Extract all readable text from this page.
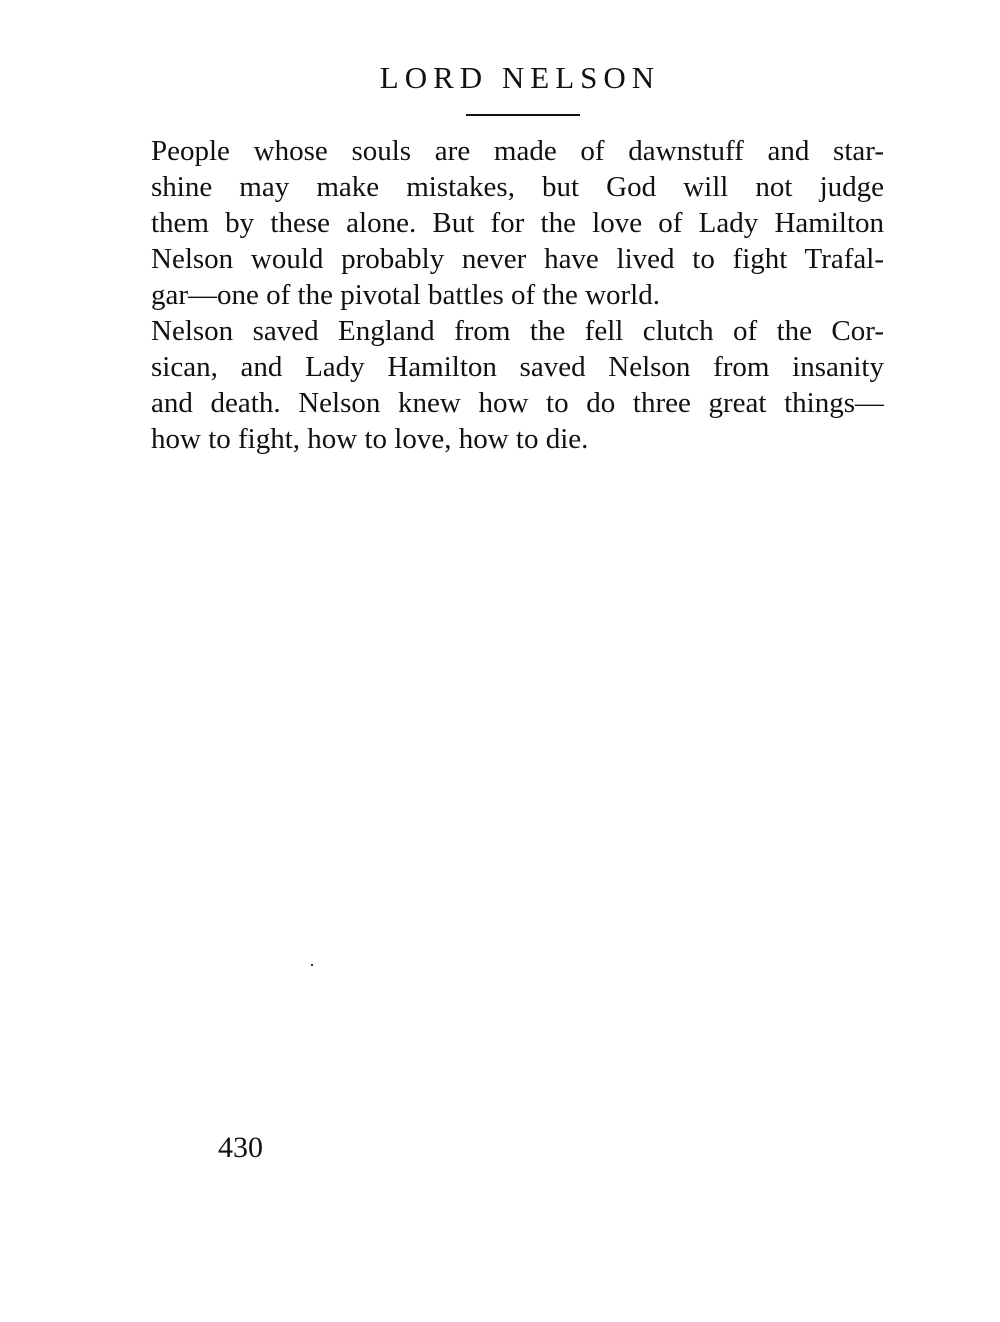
LORD NELSON
People whose souls are made of dawnstuff and star-
shine may make mistakes, but God will not judge
them by these alone. But for the love of Lady Hamilton
Nelson would probably never have lived to fight Trafal-
gar—one of the pivotal battles of the world.
Nelson saved England from the fell clutch of the Cor-
sican, and Lady Hamilton saved Nelson from insanity
and death. Nelson knew how to do three great things—
how to fight, how to love, how to die.
430
